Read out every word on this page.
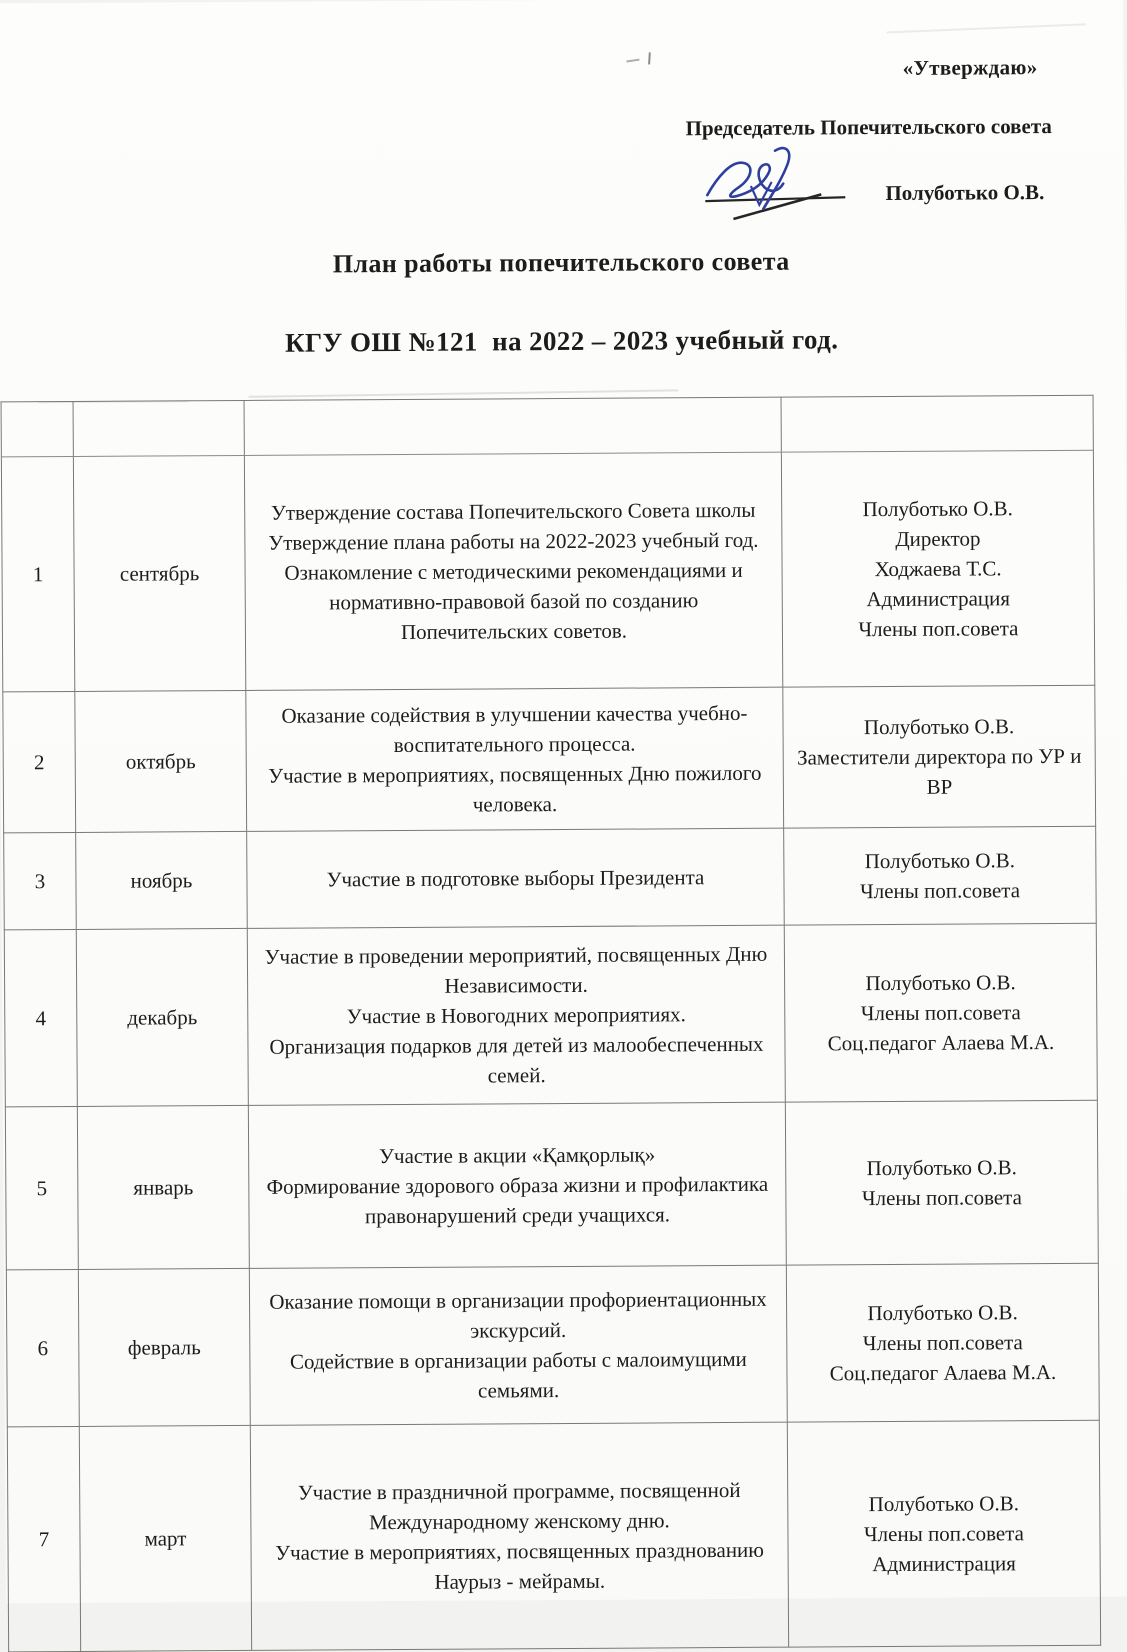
«Утверждаю»
Председатель Попечительского совета
Полуботько О.В.
План работы попечительского совета
КГУ ОШ №121  на 2022 – 2023 учебный год.

1	сентябрь	Утверждение состава Попечительского Совета школы
Утверждение плана работы на 2022-2023 учебный год.
Ознакомление с методическими рекомендациями и нормативно-правовой базой по созданию Попечительских советов.	Полуботько О.В.
Директор
Ходжаева Т.С.
Администрация
Члены поп.совета
2	октябрь	Оказание содействия в улучшении качества учебно-воспитательного процесса.
Участие в мероприятиях, посвященных Дню пожилого человека.	Полуботько О.В.
Заместители директора по УР и ВР
3	ноябрь	Участие в подготовке выборы Президента	Полуботько О.В.
Члены поп.совета
4	декабрь	Участие в проведении мероприятий, посвященных Дню Независимости.
Участие в Новогодних мероприятиях.
Организация подарков для детей из малообеспеченных семей.	Полуботько О.В.
Члены поп.совета
Соц.педагог Алаева М.А.
5	январь	Участие в акции «Қамқорлық»
Формирование здорового образа жизни и профилактика правонарушений среди учащихся.	Полуботько О.В.
Члены поп.совета
6	февраль	Оказание помощи в организации профориентационных экскурсий.
Содействие в организации работы с малоимущими семьями.	Полуботько О.В.
Члены поп.совета
Соц.педагог Алаева М.А.
7	март	Участие в праздничной программе, посвященной Международному женскому дню.
Участие в мероприятиях, посвященных празднованию Наурыз - мейрамы.	Полуботько О.В.
Члены поп.совета
Администрация
